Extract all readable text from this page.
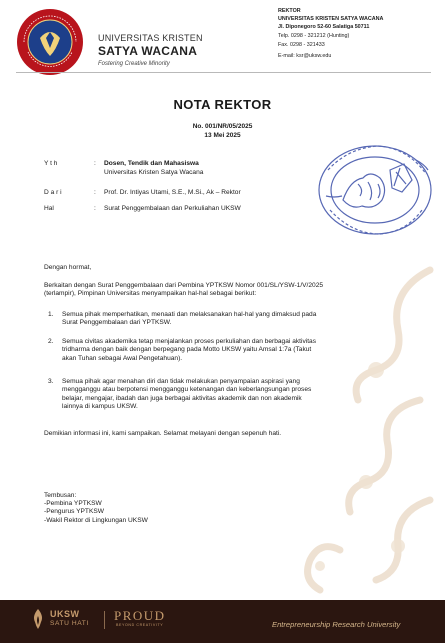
UNIVERSITAS KRISTEN
SATYA WACANA
Fostering Creative Minority
REKTOR
UNIVERSITAS KRISTEN SATYA WACANA
Jl. Diponegoro 52-60 Salatiga 50711
Telp. 0298 - 321212 (Hunting)
Fax. 0298 - 321433
E-mail: ksr@uksw.edu
NOTA REKTOR
No. 001/NR/05/2025
13 Mei 2025
Y t h	: Dosen, Tendik dan Mahasiswa
Universitas Kristen Satya Wacana
D a r i	: Prof. Dr. Intiyas Utami, S.E., M.Si., Ak – Rektor
Hal	: Surat Penggembalaan dan Perkuliahan UKSW
Dengan hormat,
Berkaitan dengan Surat Penggembalaan dari Pembina YPTKSW Nomor 001/SL/YSW-1/V/2025
(terlampir), Pimpinan Universitas menyampaikan hal-hal sebagai berikut:
1. Semua pihak memperhatikan, menaati dan melaksanakan hal-hal yang dimaksud pada
Surat Penggembalaan dari YPTKSW.
2. Semua civitas akademika tetap menjalankan proses perkuliahan dan berbagai aktivitas
tridharma dengan baik dengan berpegang pada Motto UKSW yaitu Amsal 1:7a (Takut
akan Tuhan sebagai Awal Pengetahuan).
3. Semua pihak agar menahan diri dan tidak melakukan penyampaian aspirasi yang
mengganggu atau berpotensi mengganggu ketenangan dan keberlangsungan proses
belajar, mengajar, ibadah dan juga berbagai aktivitas akademik dan non akademik
lainnya di kampus UKSW.
Demikian informasi ini, kami sampaikan. Selamat melayani dengan sepenuh hati.
Tembusan:
-Pembina YPTKSW
-Pengurus YPTKSW
-Wakil Rektor di Lingkungan UKSW
UKSW
SATU HATI
PROUD
BEYOND CREATIVITY	Entrepreneurship Research University
